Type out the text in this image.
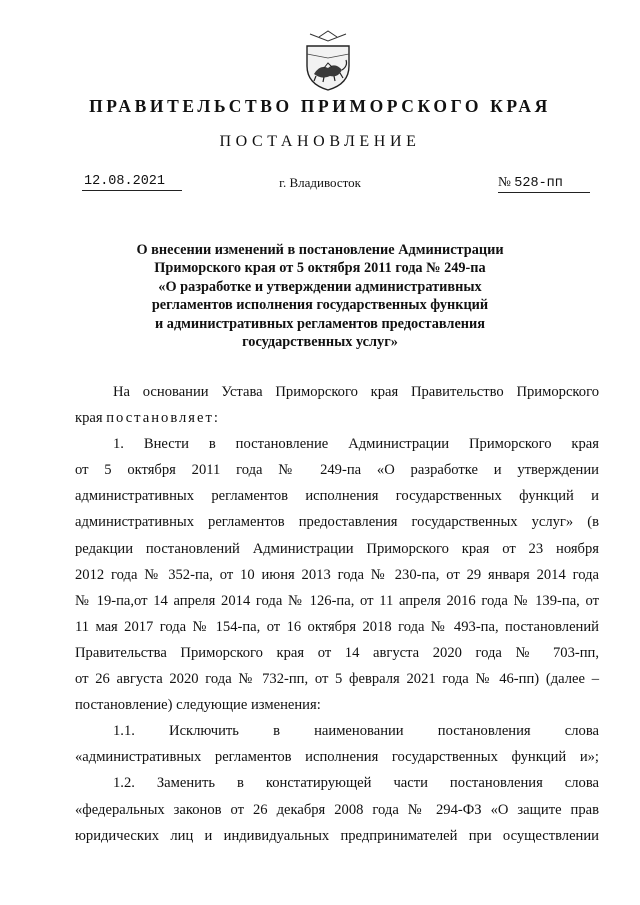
ПРАВИТЕЛЬСТВО ПРИМОРСКОГО КРАЯ
ПОСТАНОВЛЕНИЕ
12.08.2021	г. Владивосток	№ 528-пп
О внесении изменений в постановление Администрации
Приморского края от 5 октября 2011 года № 249-па
«О разработке и утверждении административных
регламентов исполнения государственных функций
и административных регламентов предоставления
государственных услуг»
На основании Устава Приморского края Правительство Приморского
края постановляет:
1. Внести в постановление Администрации Приморского края
от 5 октября 2011 года № 249-па «О разработке и утверждении
административных регламентов исполнения государственных функций и
административных регламентов предоставления государственных услуг» (в
редакции постановлений Администрации Приморского края от 23 ноября
2012 года № 352-па, от 10 июня 2013 года № 230-па, от 29 января 2014 года
№ 19-па,от 14 апреля 2014 года № 126-па, от 11 апреля 2016 года № 139-па, от
11 мая 2017 года № 154-па, от 16 октября 2018 года № 493-па, постановлений
Правительства Приморского края от 14 августа 2020 года № 703-пп,
от 26 августа 2020 года № 732-пп, от 5 февраля 2021 года № 46-пп) (далее –
постановление) следующие изменения:
1.1. Исключить в наименовании постановления слова
«административных регламентов исполнения государственных функций и»;
1.2. Заменить в констатирующей части постановления слова
«федеральных законов от 26 декабря 2008 года № 294-ФЗ «О защите прав
юридических лиц и индивидуальных предпринимателей при осуществлении
